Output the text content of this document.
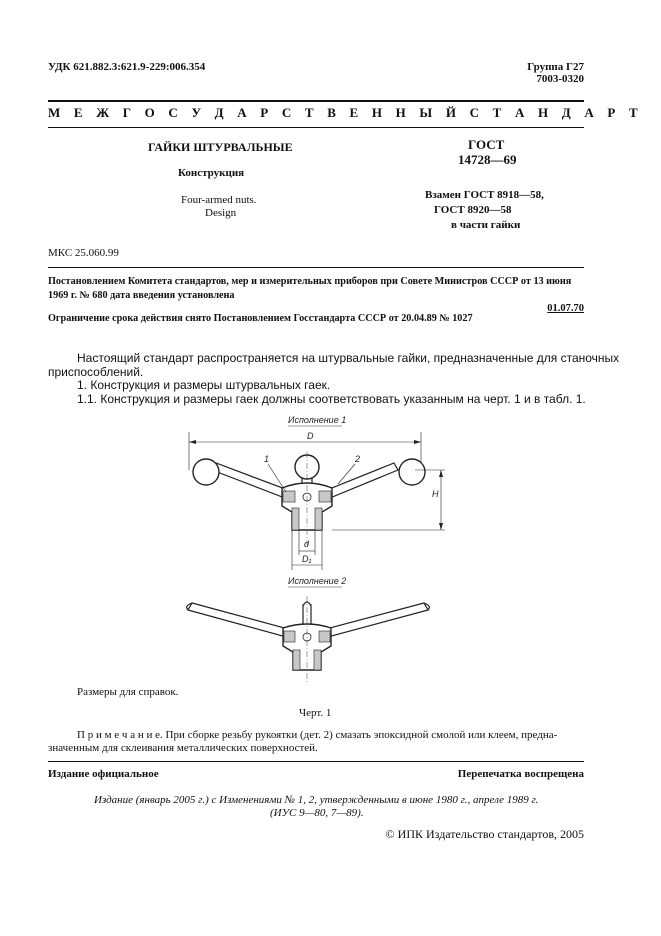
УДК 621.882.3:621.9-229:006.354	Группа Г27
7003-0320
М Е Ж Г О С У Д А Р С Т В Е Н Н Ы Й С Т А Н Д А Р Т
ГАЙКИ ШТУРВАЛЬНЫЕ
Конструкция
Four-armed nuts.
Design
ГОСТ
14728—69
Взамен ГОСТ 8918—58,
ГОСТ 8920—58
в части гайки
МКС 25.060.99
Постановлением Комитета стандартов, мер и измерительных приборов при Совете Министров СССР от 13 июня
1969 г. № 680 дата введения установлена
01.07.70
Ограничение срока действия снято Постановлением Госстандарта СССР от 20.04.89 № 1027
Настоящий стандарт распространяется на штурвальные гайки, предназначенные для станочных
приспособлений.
1. Конструкция и размеры штурвальных гаек.
1.1. Конструкция и размеры гаек должны соответствовать указанным на черт. 1 и в табл. 1.
Исполнение 1
D
1	2
H
d
D₁
Исполнение 2
Размеры для справок.
Черт. 1
П р и м е ч а н и е. При сборке резьбу рукоятки (дет. 2) смазать эпоксидной смолой или клеем, предна-
значенным для склеивания металлических поверхностей.
Издание официальное	Перепечатка воспрещена
Издание (январь 2005 г.) с Изменениями № 1, 2, утвержденными в июне 1980 г., апреле 1989 г.
(ИУС 9—80, 7—89).
© ИПК Издательство стандартов, 2005
